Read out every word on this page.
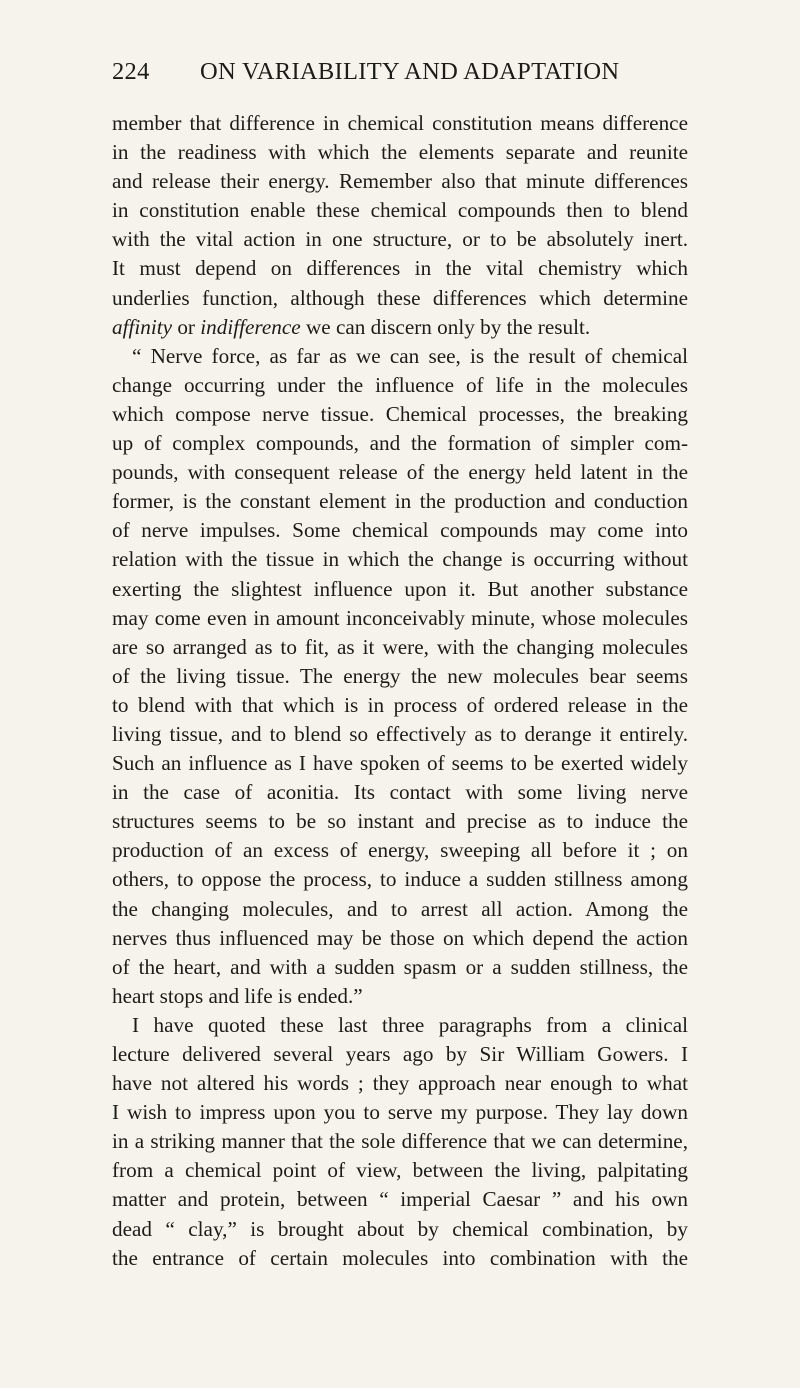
224 ON VARIABILITY AND ADAPTATION
member that difference in chemical constitution means difference
in the readiness with which the elements separate and reunite
and release their energy. Remember also that minute differences
in constitution enable these chemical compounds then to blend
with the vital action in one structure, or to be absolutely inert.
It must depend on differences in the vital chemistry which
underlies function, although these differences which determine
affinity or indifference we can discern only by the result.
“ Nerve force, as far as we can see, is the result of chemical
change occurring under the influence of life in the molecules
which compose nerve tissue. Chemical processes, the breaking
up of complex compounds, and the formation of simpler com-
pounds, with consequent release of the energy held latent in the
former, is the constant element in the production and conduction
of nerve impulses. Some chemical compounds may come into
relation with the tissue in which the change is occurring without
exerting the slightest influence upon it. But another substance
may come even in amount inconceivably minute, whose molecules
are so arranged as to fit, as it were, with the changing molecules
of the living tissue. The energy the new molecules bear seems
to blend with that which is in process of ordered release in the
living tissue, and to blend so effectively as to derange it entirely.
Such an influence as I have spoken of seems to be exerted widely
in the case of aconitia. Its contact with some living nerve
structures seems to be so instant and precise as to induce the
production of an excess of energy, sweeping all before it ; on
others, to oppose the process, to induce a sudden stillness among
the changing molecules, and to arrest all action. Among the
nerves thus influenced may be those on which depend the action
of the heart, and with a sudden spasm or a sudden stillness, the
heart stops and life is ended.”
I have quoted these last three paragraphs from a clinical
lecture delivered several years ago by Sir William Gowers. I
have not altered his words ; they approach near enough to what
I wish to impress upon you to serve my purpose. They lay down
in a striking manner that the sole difference that we can determine,
from a chemical point of view, between the living, palpitating
matter and protein, between “ imperial Caesar ” and his own
dead “ clay,” is brought about by chemical combination, by
the entrance of certain molecules into combination with the
